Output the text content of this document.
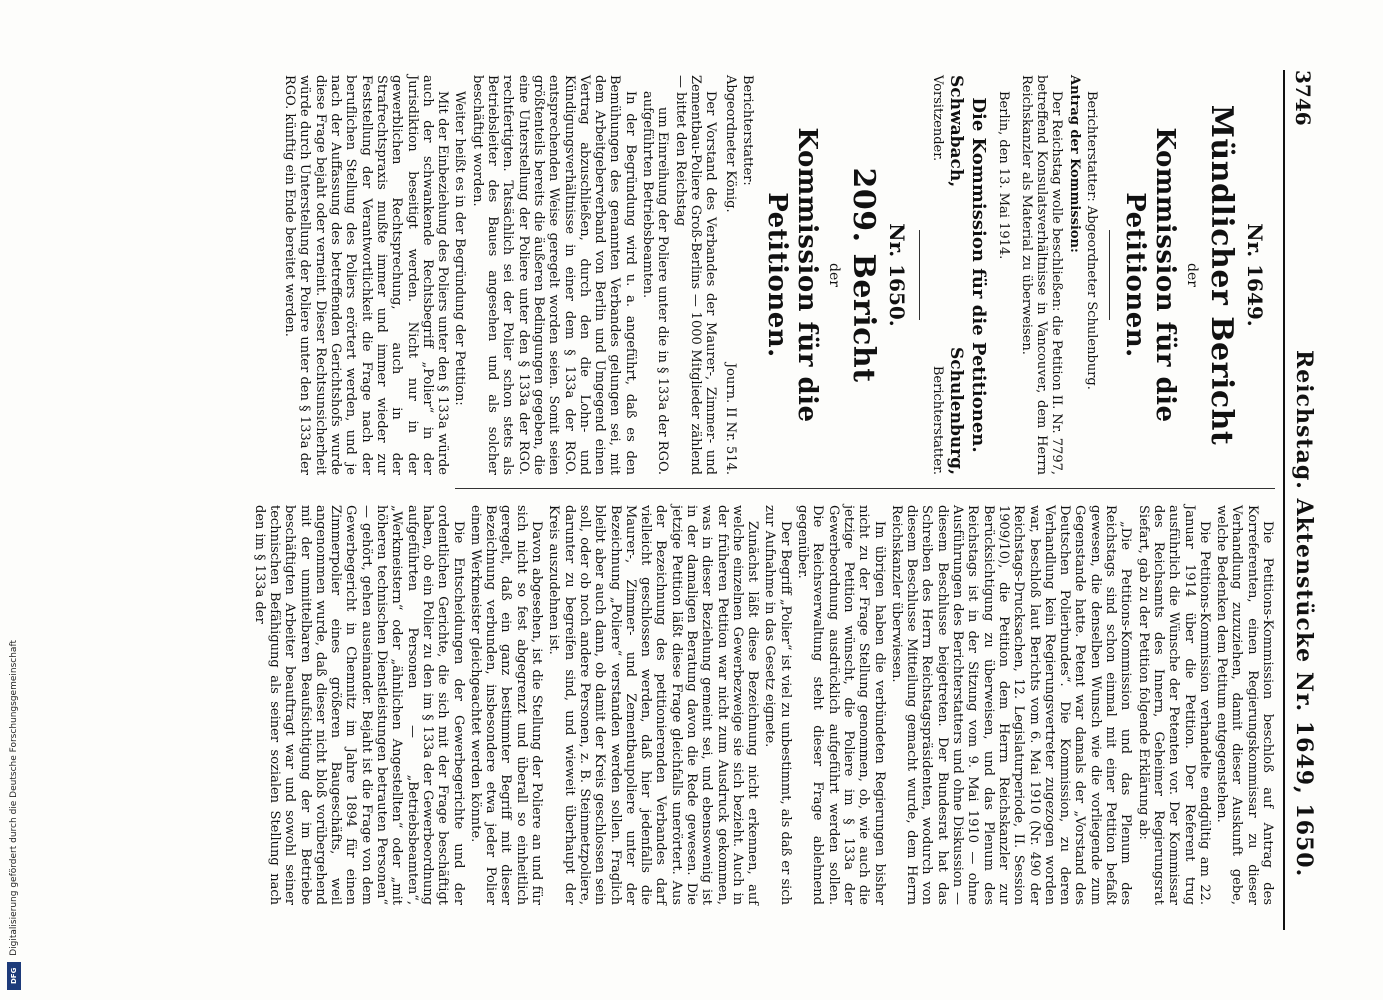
3746
Reichstag. Aktenstücke Nr. 1649, 1650.
Nr. 1649.
Mündlicher Bericht
der
Kommission für die Petitionen.

Berichterstatter: Abgeordneter Schulenburg.

Antrag der Kommission:

Der Reichstag wolle beschließen: die Petition II. Nr. 7797, betreffend Konsulatsverhältnisse in Vancouver, dem Herrn Reichskanzler als Material zu überweisen.

Berlin, den 13. Mai 1914.

Die Kommission für die Petitionen.
Schwabach,
Vorsitzender.
Schulenburg,
Berichterstatter.
Nr. 1650.
209. Bericht
der
Kommission für die Petitionen.
Berichterstatter:
Abgeordneter König.
Journ. II Nr. 514.

Der Vorstand des Verbandes der Maurer-, Zimmer- und Zementbau-Poliere Groß-Berlins — 1000 Mitglieder zählend — bittet den Reichstag

um Einreihung der Poliere unter die in § 133a der RGO. aufgeführten Betriebsbeamten.

In der Begründung wird u. a. angeführt, daß es den Bemühungen des genannten Verbandes gelungen sei, mit dem Arbeitgeberverband von Berlin und Umgegend einen Vertrag abzuschließen, durch den die Lohn- und Kündigungsverhältnisse in einer dem § 133a der RGO. entsprechenden Weise geregelt worden seien. Somit seien größtenteils bereits die äußeren Bedingungen gegeben, die eine Unterstellung der Poliere unter den § 133a der RGO. rechtfertigten. Tatsächlich sei der Polier schon stets als Betriebsleiter des Baues angesehen und als solcher beschäftigt worden.

Weiter heißt es in der Begründung der Petition:

Mit der Einbeziehung des Poliers unter den § 133a würde auch der schwankende Rechtsbegriff „Polier“ in der Jurisdiktion beseitigt werden. Nicht nur in der gewerblichen Rechtsprechung, auch in der Strafrechtspraxis mußte immer und immer wieder zur Feststellung der Verantwortlichkeit die Frage nach der beruflichen Stellung des Poliers erörtert werden, und je nach der Auffassung des betreffenden Gerichtshofs wurde diese Frage bejaht oder verneint. Dieser Rechtsunsicherheit würde durch Unterstellung der Poliere unter den § 133a der RGO. künftig ein Ende bereitet werden.

Die Petitions-Kommission beschloß auf Antrag des Korreferenten, einen Regierungskommissar zu dieser Verhandlung zuzuziehen, damit dieser Auskunft gebe, welche Bedenken dem Petitum entgegenstehen.

Die Petitions-Kommission verhandelte endgültig am 22. Januar 1914 über die Petition. Der Referent trug ausführlich die Wünsche der Petenten vor. Der Kommissar des Reichsamts des Innern, Geheimer Regierungsrat Siefart, gab zu der Petition folgende Erklärung ab:

„Die Petitions-Kommission und das Plenum des Reichstags sind schon einmal mit einer Petition befaßt gewesen, die denselben Wunsch wie die vorliegende zum Gegenstande hatte. Petent war damals der „Vorstand des Deutschen Polierbundes“. Die Kommission, zu deren Verhandlung kein Regierungsvertreter zugezogen worden war, beschloß laut Berichts vom 6. Mai 1910 (Nr. 490 der Reichstags-Drucksachen, 12. Legislaturperiode, II. Session 1909/10), die Petition dem Herrn Reichskanzler zur Berücksichtigung zu überweisen, und das Plenum des Reichstags ist in der Sitzung vom 9. Mai 1910 — ohne Ausführungen des Berichterstatters und ohne Diskussion — diesem Beschlusse beigetreten. Der Bundesrat hat das Schreiben des Herrn Reichstagspräsidenten, wodurch von diesem Beschlusse Mitteilung gemacht wurde, dem Herrn Reichskanzler überwiesen.

Im übrigen haben die verbündeten Regierungen bisher nicht zu der Frage Stellung genommen, ob, wie auch die jetzige Petition wünscht, die Poliere im § 133a der Gewerbeordnung ausdrücklich aufgeführt werden sollen. Die Reichsverwaltung steht dieser Frage ablehnend gegenüber.

Der Begriff „Polier“ ist viel zu unbestimmt, als daß er sich zur Aufnahme in das Gesetz eignete.

Zunächst läßt diese Bezeichnung nicht erkennen, auf welche einzelnen Gewerbezweige sie sich bezieht. Auch in der früheren Petition war nicht zum Ausdruck gekommen, was in dieser Beziehung gemeint sei, und ebensowenig ist in der damaligen Beratung davon die Rede gewesen. Die jetzige Petition läßt diese Frage gleichfalls unerörtert. Aus der Bezeichnung des petitionierenden Verbandes darf vielleicht geschlossen werden, daß hier jedenfalls die Maurer-, Zimmer- und Zementbaupoliere unter der Bezeichnung „Poliere“ verstanden werden sollen. Fraglich bleibt aber auch dann, ob damit der Kreis geschlossen sein soll, oder ob noch andere Personen, z. B. Steinmetzpoliere, darunter zu begreifen sind, und wieweit überhaupt der Kreis auszudehnen ist.

Davon abgesehen, ist die Stellung der Poliere an und für sich nicht so fest abgegrenzt und überall so einheitlich geregelt, daß ein ganz bestimmter Begriff mit dieser Bezeichnung verbunden, insbesondere etwa jeder Polier einem Werkmeister gleichgeachtet werden könnte.

Die Entscheidungen der Gewerbegerichte und der ordentlichen Gerichte, die sich mit der Frage beschäftigt haben, ob ein Polier zu den im § 133a der Gewerbeordnung aufgeführten Personen — „Betriebsbeamten“, „Werkmeistern“ oder „ähnlichen Angestellten“ oder „mit höheren technischen Dienstleistungen betrauten Personen“ — gehört, gehen auseinander. Bejaht ist die Frage von dem Gewerbegericht in Chemnitz im Jahre 1894 für einen Zimmerpolier eines größeren Baugeschäfts, weil angenommen wurde, daß dieser nicht bloß vorübergehend mit der unmittelbaren Beaufsichtigung der im Betriebe beschäftigten Arbeiter beauftragt war und sowohl seiner technischen Befähigung als seiner sozialen Stellung nach den im § 133a der

Digitalisierung gefördert durch die Deutsche Forschungsgemeinschaft
DFG
